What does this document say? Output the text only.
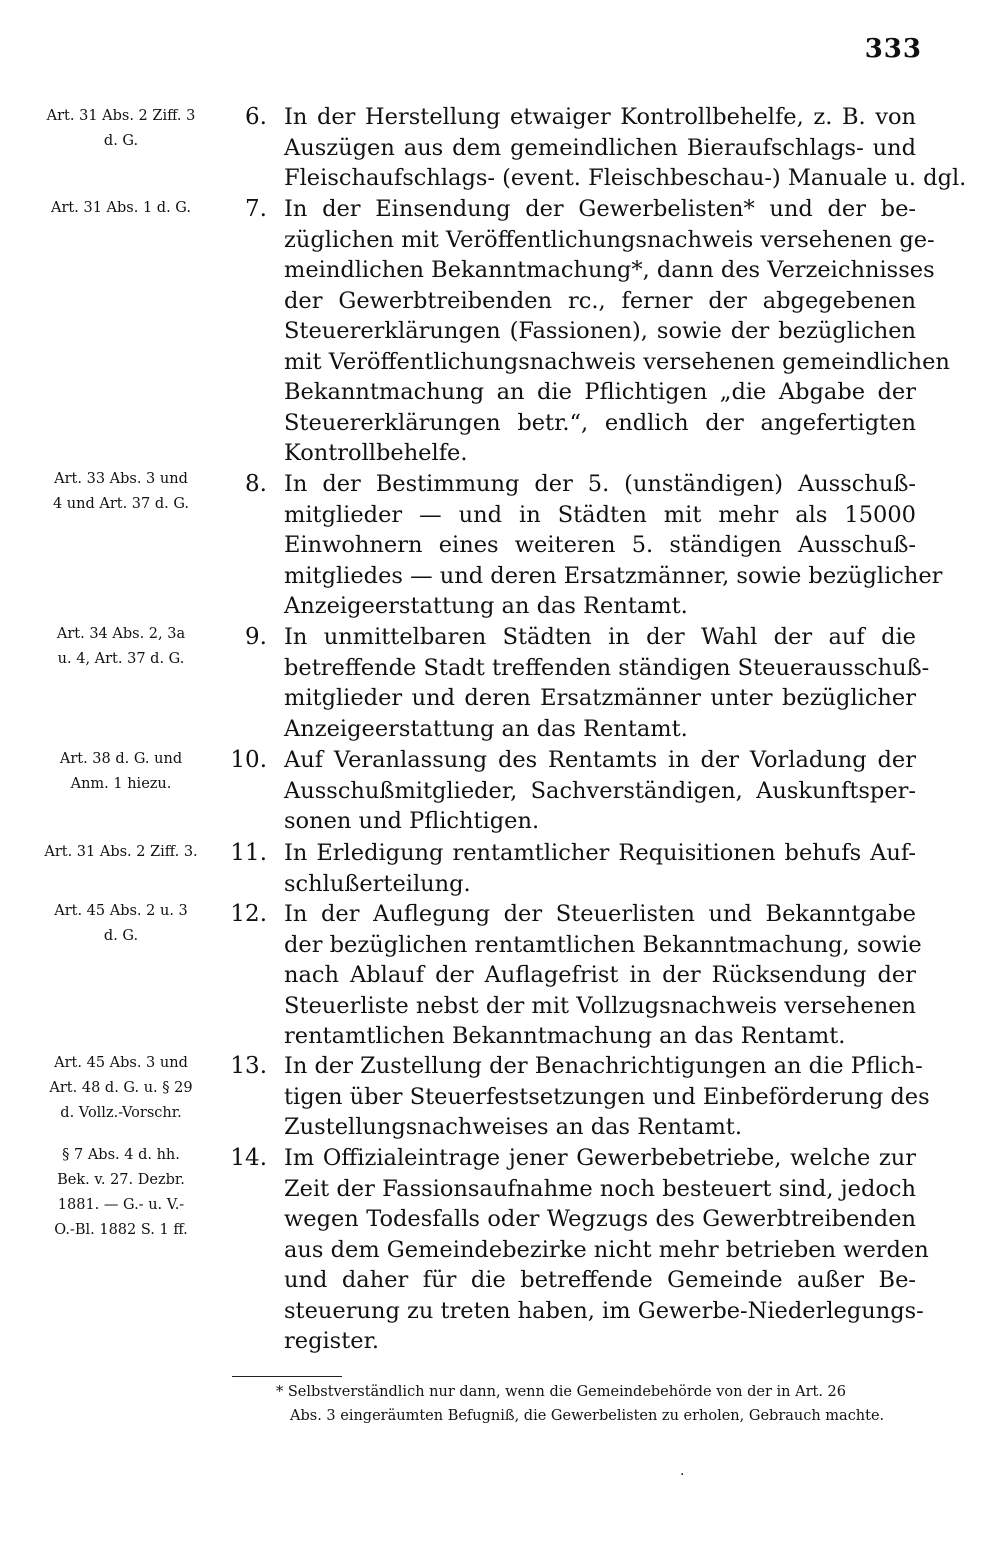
333
Art. 31 Abs. 2 Ziff. 3
d. G.
6. In der Herstellung etwaiger Kontrollbehelfe, z. B. von
Auszügen aus dem gemeindlichen Bieraufschlags- und
Fleischaufschlags- (event. Fleischbeschau-) Manuale u. dgl.
Art. 31 Abs. 1 d. G.	7. In der Einsendung der Gewerbelisten* und der be-
züglichen mit Veröffentlichungsnachweis versehenen ge-
meindlichen Bekanntmachung*, dann des Verzeichnisses
der Gewerbtreibenden rc., ferner der abgegebenen
Steuererklärungen (Fassionen), sowie der bezüglichen
mit Veröffentlichungsnachweis versehenen gemeindlichen
Bekanntmachung an die Pflichtigen „die Abgabe der
Steuererklärungen betr.“, endlich der angefertigten
Kontrollbehelfe.
Art. 33 Abs. 3 und
4 und Art. 37 d. G.
8. In der Bestimmung der 5. (unständigen) Ausschuß-
mitglieder — und in Städten mit mehr als 15000
Einwohnern eines weiteren 5. ständigen Ausschuß-
mitgliedes — und deren Ersatzmänner, sowie bezüglicher
Anzeigeerstattung an das Rentamt.
Art. 34 Abs. 2, 3a
u. 4, Art. 37 d. G.
9. In unmittelbaren Städten in der Wahl der auf die
betreffende Stadt treffenden ständigen Steuerausschuß-
mitglieder und deren Ersatzmänner unter bezüglicher
Anzeigeerstattung an das Rentamt.
Art. 38 d. G. und
Anm. 1 hiezu.
10. Auf Veranlassung des Rentamts in der Vorladung der
Ausschußmitglieder, Sachverständigen, Auskunftsper-
sonen und Pflichtigen.
Art. 31 Abs. 2 Ziff. 3.	11. In Erledigung rentamtlicher Requisitionen behufs Auf-
schlußerteilung.
Art. 45 Abs. 2 u. 3
d. G.
12. In der Auflegung der Steuerlisten und Bekanntgabe
der bezüglichen rentamtlichen Bekanntmachung, sowie
nach Ablauf der Auflagefrist in der Rücksendung der
Steuerliste nebst der mit Vollzugsnachweis versehenen
rentamtlichen Bekanntmachung an das Rentamt.
Art. 45 Abs. 3 und
Art. 48 d. G. u. § 29
d. Vollz.-Vorschr.
13. In der Zustellung der Benachrichtigungen an die Pflich-
tigen über Steuerfestsetzungen und Einbeförderung des
Zustellungsnachweises an das Rentamt.
§ 7 Abs. 4 d. hh.
Bek. v. 27. Dezbr.
1881. — G.- u. V.-
O.-Bl. 1882 S. 1 ff.
14. Im Offizialeintrage jener Gewerbebetriebe, welche zur
Zeit der Fassionsaufnahme noch besteuert sind, jedoch
wegen Todesfalls oder Wegzugs des Gewerbtreibenden
aus dem Gemeindebezirke nicht mehr betrieben werden
und daher für die betreffende Gemeinde außer Be-
steuerung zu treten haben, im Gewerbe-Niederlegungs-
register.
* Selbstverständlich nur dann, wenn die Gemeindebehörde von der in Art. 26
Abs. 3 eingeräumten Befugniß, die Gewerbelisten zu erholen, Gebrauch machte.
·
